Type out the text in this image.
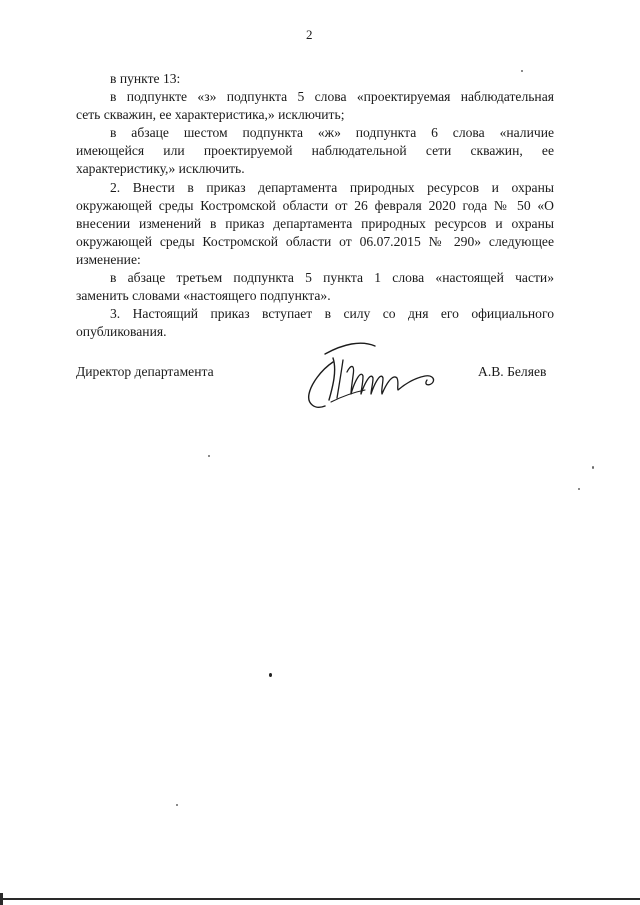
2

в пункте 13:

в подпункте «з» подпункта 5 слова «проектируемая наблюдательная
сеть скважин, ее характеристика,» исключить;

в абзаце шестом подпункта «ж» подпункта 6 слова «наличие
имеющейся или проектируемой наблюдательной сети скважин, ее
характеристику,» исключить.

2. Внести в приказ департамента природных ресурсов и охраны
окружающей среды Костромской области от 26 февраля 2020 года № 50 «О
внесении изменений в приказ департамента природных ресурсов и охраны
окружающей среды Костромской области от 06.07.2015 № 290» следующее
изменение:

в абзаце третьем подпункта 5 пункта 1 слова «настоящей части»
заменить словами «настоящего подпункта».

3. Настоящий приказ вступает в силу со дня его официального
опубликования.

Директор департамента	А.В. Беляев
